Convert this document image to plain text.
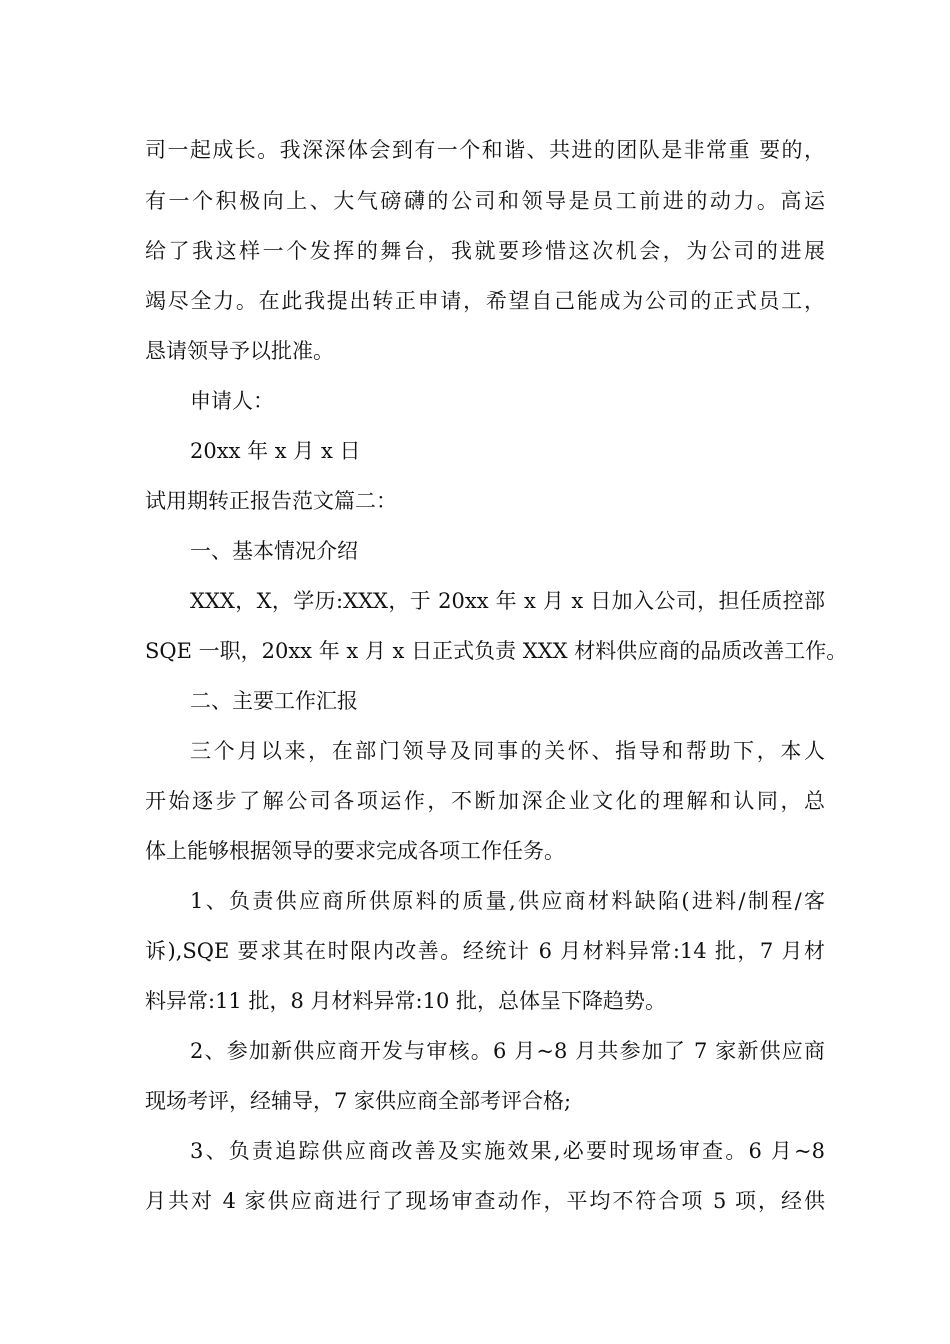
司一起成长。我深深体会到有一个和谐、共进的团队是非常重 要的，
有一个积极向上、大气磅礴的公司和领导是员工前进的动力。高运
给了我这样一个发挥的舞台，我就要珍惜这次机会，为公司的进展
竭尽全力。在此我提出转正申请，希望自己能成为公司的正式员工，
恳请领导予以批准。
申请人：
20xx 年 x 月 x 日
试用期转正报告范文篇二：
一、基本情况介绍
XXX，X，学历:XXX，于 20xx 年 x 月 x 日加入公司，担任质控部
SQE 一职，20xx 年 x 月 x 日正式负责 XXX 材料供应商的品质改善工作。
二、主要工作汇报
三个月以来，在部门领导及同事的关怀、指导和帮助下，本人
开始逐步了解公司各项运作，不断加深企业文化的理解和认同，总
体上能够根据领导的要求完成各项工作任务。
1、负责供应商所供原料的质量,供应商材料缺陷(进料/制程/客
诉),SQE 要求其在时限内改善。经统计 6 月材料异常:14 批，7 月材
料异常:11 批，8 月材料异常:10 批，总体呈下降趋势。
2、参加新供应商开发与审核。6 月~8 月共参加了 7 家新供应商
现场考评，经辅导，7 家供应商全部考评合格;
3、负责追踪供应商改善及实施效果,必要时现场审查。6 月~8
月共对 4 家供应商进行了现场审查动作，平均不符合项 5 项，经供
